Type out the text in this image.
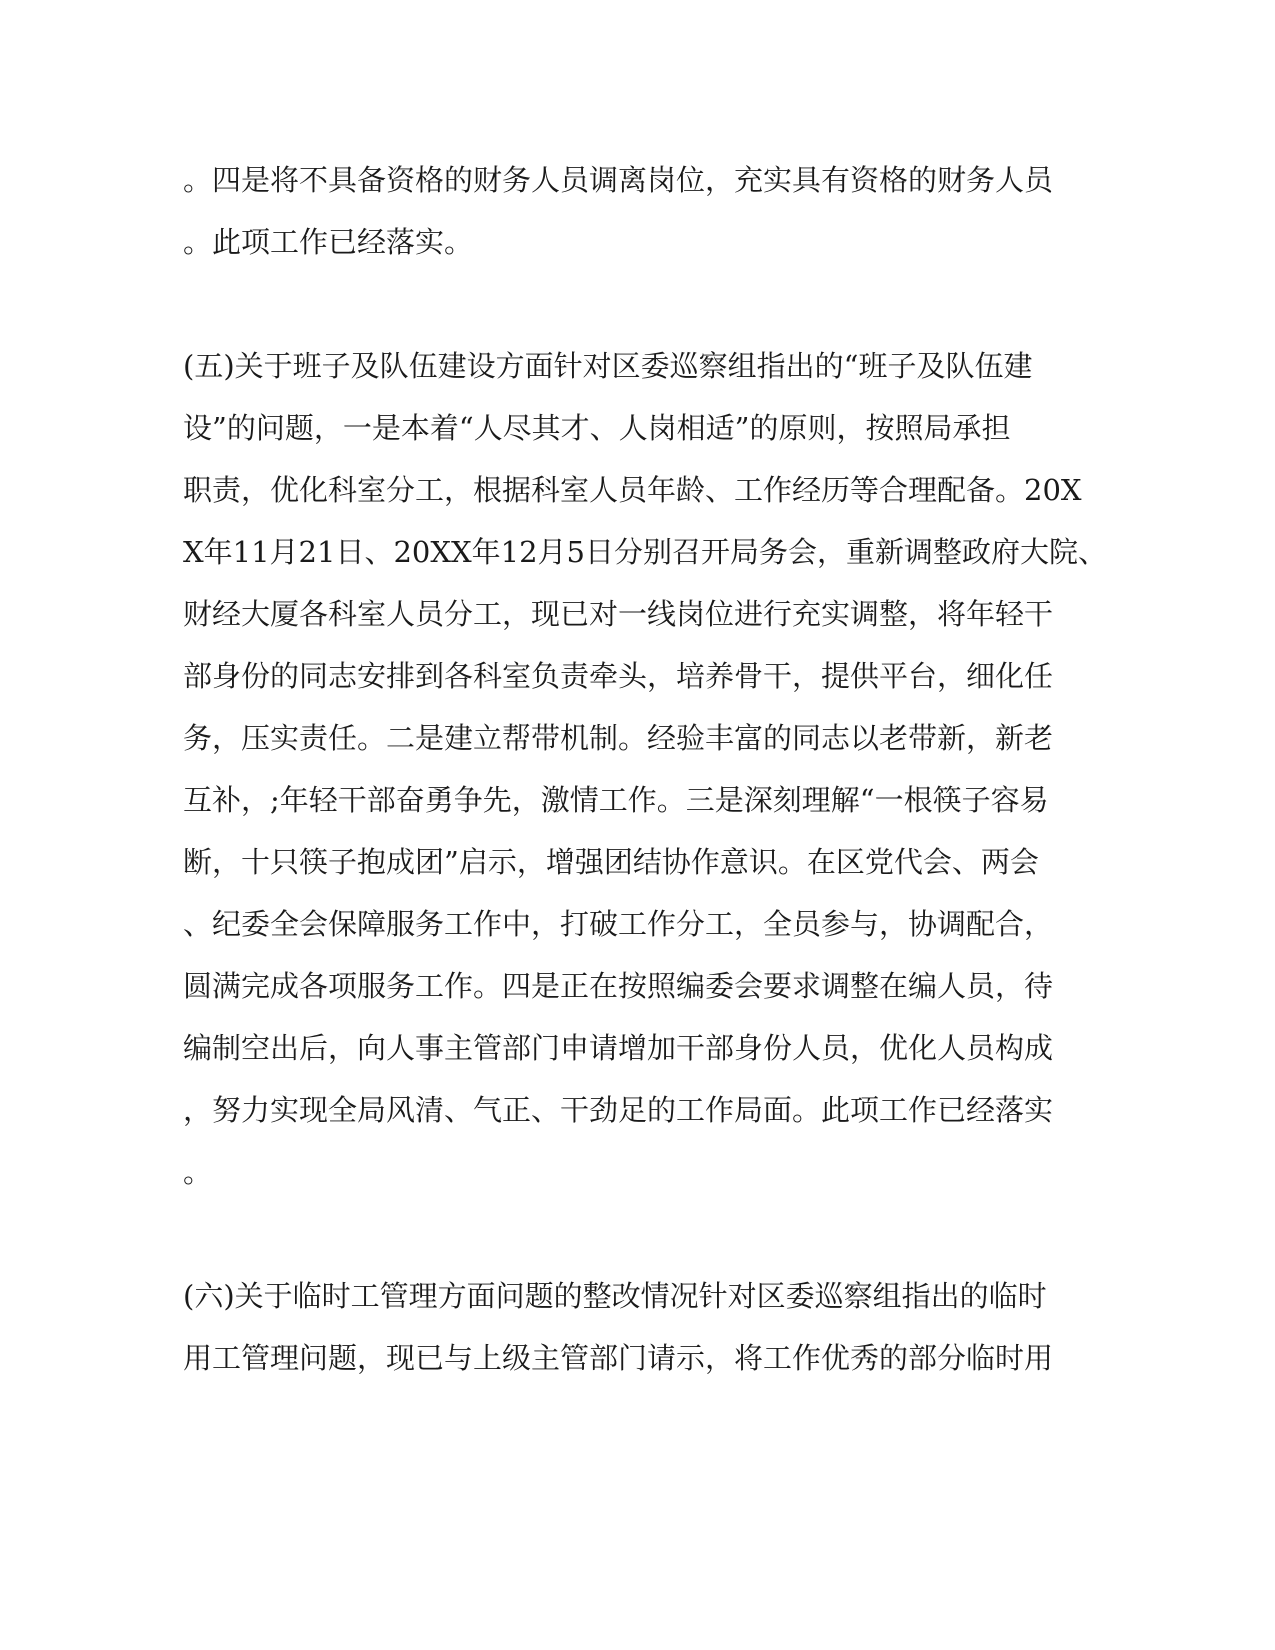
。四是将不具备资格的财务人员调离岗位，充实具有资格的财务人员
。此项工作已经落实。
(五)关于班子及队伍建设方面针对区委巡察组指出的“班子及队伍建
设”的问题，一是本着“人尽其才、人岗相适”的原则，按照局承担
职责，优化科室分工，根据科室人员年龄、工作经历等合理配备。20X
X年11月21日、20XX年12月5日分别召开局务会，重新调整政府大院、
财经大厦各科室人员分工，现已对一线岗位进行充实调整，将年轻干
部身份的同志安排到各科室负责牵头，培养骨干，提供平台，细化任
务，压实责任。二是建立帮带机制。经验丰富的同志以老带新，新老
互补，;年轻干部奋勇争先，激情工作。三是深刻理解“一根筷子容易
断，十只筷子抱成团”启示，增强团结协作意识。在区党代会、两会
、纪委全会保障服务工作中，打破工作分工，全员参与，协调配合，
圆满完成各项服务工作。四是正在按照编委会要求调整在编人员，待
编制空出后，向人事主管部门申请增加干部身份人员，优化人员构成
，努力实现全局风清、气正、干劲足的工作局面。此项工作已经落实
。
(六)关于临时工管理方面问题的整改情况针对区委巡察组指出的临时
用工管理问题，现已与上级主管部门请示，将工作优秀的部分临时用
